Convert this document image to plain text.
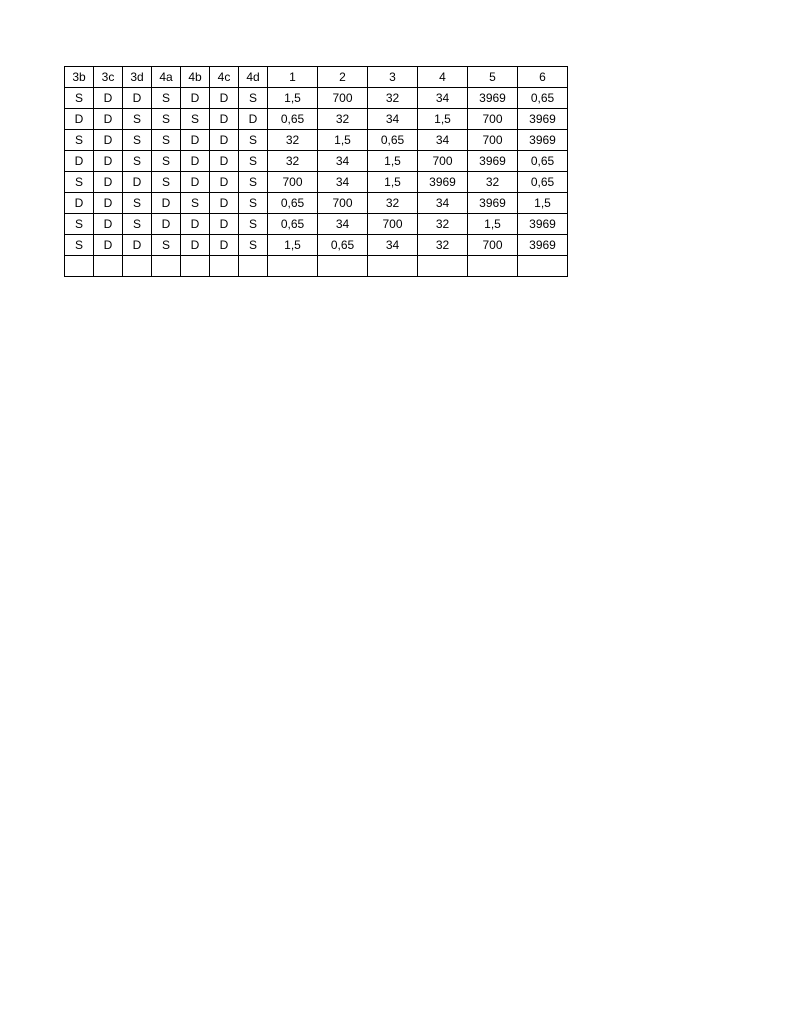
3b	3c	3d	4a	4b	4c	4d	1	2	3	4	5	6
S	D	D	S	D	D	S	1,5	700	32	34	3969	0,65
D	D	S	S	S	D	D	0,65	32	34	1,5	700	3969
S	D	S	S	D	D	S	32	1,5	0,65	34	700	3969
D	D	S	S	D	D	S	32	34	1,5	700	3969	0,65
S	D	D	S	D	D	S	700	34	1,5	3969	32	0,65
D	D	S	D	S	D	S	0,65	700	32	34	3969	1,5
S	D	S	D	D	D	S	0,65	34	700	32	1,5	3969
S	D	D	S	D	D	S	1,5	0,65	34	32	700	3969
